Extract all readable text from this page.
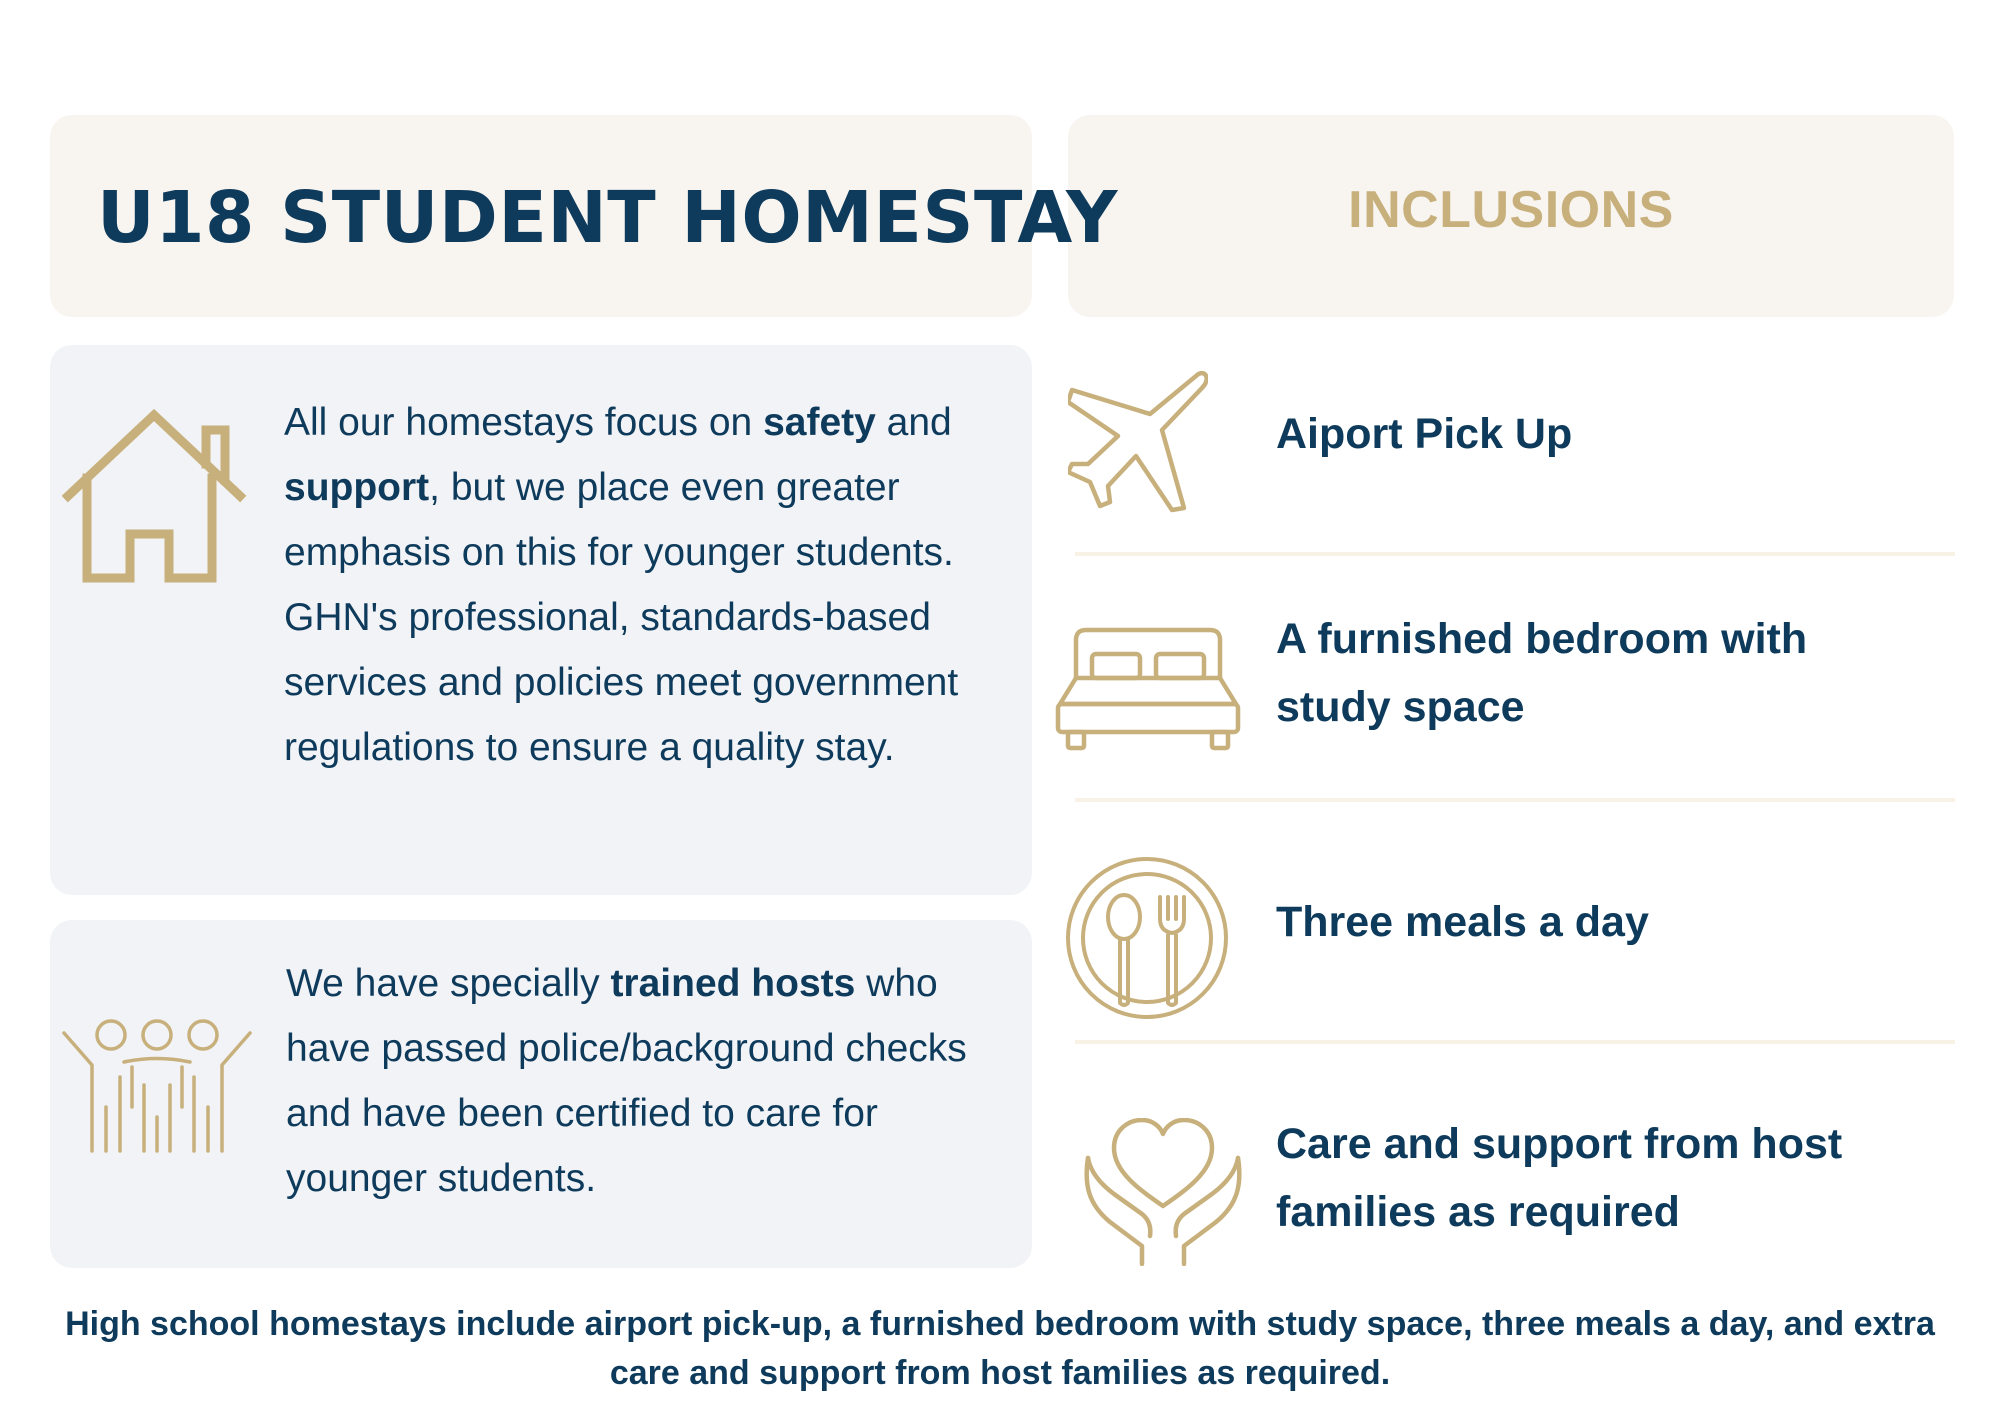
U18 STUDENT HOMESTAY	INCLUSIONS
All our homestays focus on safety and support, but we place even greater emphasis on this for younger students. GHN's professional, standards-based services and policies meet government regulations to ensure a quality stay.
We have specially trained hosts who have passed police/background checks and have been certified to care for younger students.
Aiport Pick Up
A furnished bedroom with study space
Three meals a day
Care and support from host families as required
High school homestays include airport pick-up, a furnished bedroom with study space, three meals a day, and extra care and support from host families as required.
